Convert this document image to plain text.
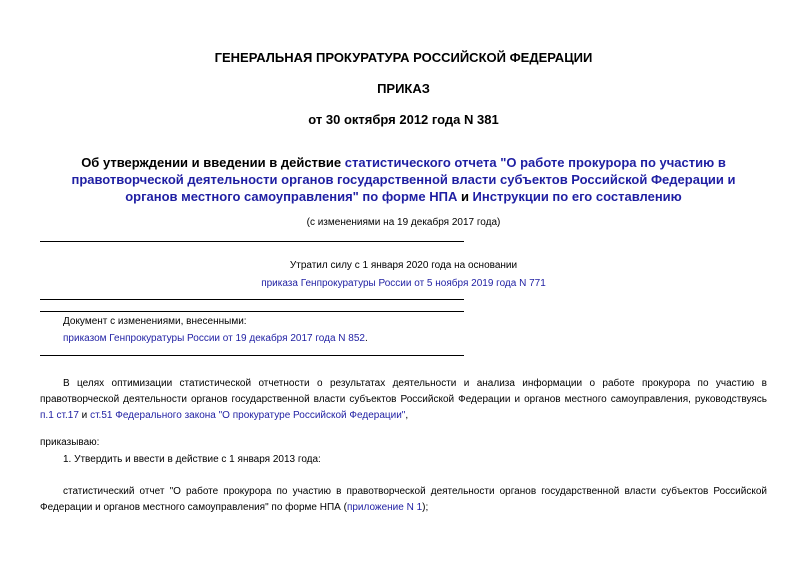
ГЕНЕРАЛЬНАЯ ПРОКУРАТУРА РОССИЙСКОЙ ФЕДЕРАЦИИ
ПРИКАЗ
от 30 октября 2012 года N 381
Об утверждении и введении в действие статистического отчета "О работе прокурора по участию в правотворческой деятельности органов государственной власти субъектов Российской Федерации и органов местного самоуправления" по форме НПА и Инструкции по его составлению
(с изменениями на 19 декабря 2017 года)
Утратил силу с 1 января 2020 года на основании
приказа Генпрокуратуры России от 5 ноября 2019 года N 771
Документ с изменениями, внесенными:
приказом Генпрокуратуры России от 19 декабря 2017 года N 852.
В целях оптимизации статистической отчетности о результатах деятельности и анализа информации о работе прокурора по участию в правотворческой деятельности органов государственной власти субъектов Российской Федерации и органов местного самоуправления, руководствуясь п.1 ст.17 и ст.51 Федерального закона "О прокуратуре Российской Федерации",
приказываю:
1. Утвердить и ввести в действие с 1 января 2013 года:
статистический отчет "О работе прокурора по участию в правотворческой деятельности органов государственной власти субъектов Российской Федерации и органов местного самоуправления" по форме НПА (приложение N 1);
